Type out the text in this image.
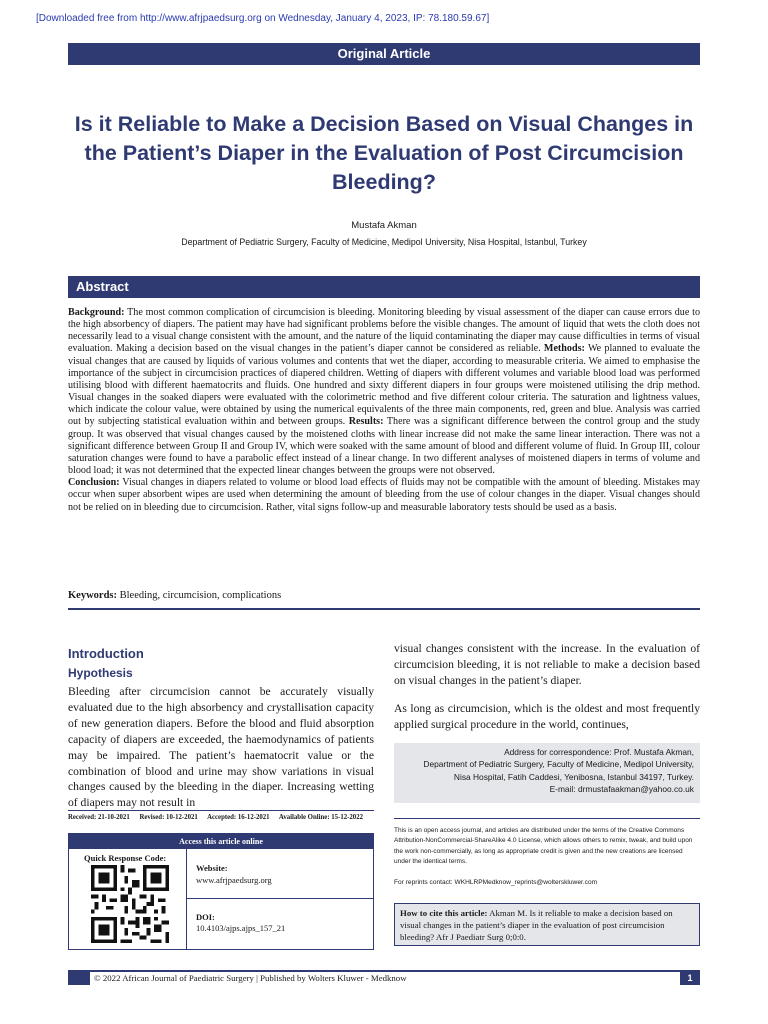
[Downloaded free from http://www.afrjpaedsurg.org on Wednesday, January 4, 2023, IP: 78.180.59.67]
Original Article
Is it Reliable to Make a Decision Based on Visual Changes in the Patient’s Diaper in the Evaluation of Post Circumcision Bleeding?
Mustafa Akman
Department of Pediatric Surgery, Faculty of Medicine, Medipol University, Nisa Hospital, Istanbul, Turkey
Abstract
Background: The most common complication of circumcision is bleeding. Monitoring bleeding by visual assessment of the diaper can cause errors due to the high absorbency of diapers. The patient may have had significant problems before the visible changes. The amount of liquid that wets the cloth does not necessarily lead to a visual change consistent with the amount, and the nature of the liquid contaminating the diaper may cause difficulties in terms of visual evaluation. Making a decision based on the visual changes in the patient’s diaper cannot be considered as reliable. Methods: We planned to evaluate the visual changes that are caused by liquids of various volumes and contents that wet the diaper, according to measurable criteria. We aimed to emphasise the importance of the subject in circumcision practices of diapered children. Wetting of diapers with different volumes and variable blood load was performed utilising blood with different haematocrits and fluids. One hundred and sixty different diapers in four groups were moistened utilising the drip method. Visual changes in the soaked diapers were evaluated with the colorimetric method and five different colour criteria. The saturation and lightness values, which indicate the colour value, were obtained by using the numerical equivalents of the three main components, red, green and blue. Analysis was carried out by subjecting statistical evaluation within and between groups. Results: There was a significant difference between the control group and the study group. It was observed that visual changes caused by the moistened cloths with linear increase did not make the same linear interaction. There was not a significant difference between Group II and Group IV, which were soaked with the same amount of blood and different volume of fluid. In Group III, colour saturation changes were found to have a parabolic effect instead of a linear change. In two different analyses of moistened diapers in terms of volume and blood load; it was not determined that the expected linear changes between the groups were not observed.
Conclusion: Visual changes in diapers related to volume or blood load effects of fluids may not be compatible with the amount of bleeding. Mistakes may occur when super absorbent wipes are used when determining the amount of bleeding from the use of colour changes in the diaper. Visual changes should not be relied on in bleeding due to circumcision. Rather, vital signs follow-up and measurable laboratory tests should be used as a basis.
Keywords: Bleeding, circumcision, complications
Introduction
Hypothesis
Bleeding after circumcision cannot be accurately visually evaluated due to the high absorbency and crystallisation capacity of new generation diapers. Before the blood and fluid absorption capacity of diapers are exceeded, the haemodynamics of patients may be impaired. The patient’s haematocrit value or the combination of blood and urine may show variations in visual changes caused by the bleeding in the diaper. Increasing wetting of diapers may not result in
visual changes consistent with the increase. In the evaluation of circumcision bleeding, it is not reliable to make a decision based on visual changes in the patient’s diaper.
As long as circumcision, which is the oldest and most frequently applied surgical procedure in the world, continues,
Address for correspondence: Prof. Mustafa Akman,
Department of Pediatric Surgery, Faculty of Medicine, Medipol University,
Nisa Hospital, Fatih Caddesi, Yenibosna, Istanbul 34197, Turkey.
E-mail: drmustafaakman@yahoo.co.uk
Received: 21-10-2021 Revised: 10-12-2021 Accepted: 16-12-2021 Available Online: 15-12-2022
This is an open access journal, and articles are distributed under the terms of the Creative Commons Attribution-NonCommercial-ShareAlike 4.0 License, which allows others to remix, tweak, and build upon the work non-commercially, as long as appropriate credit is given and the new creations are licensed under the identical terms.
For reprints contact: WKHLRPMedknow_reprints@wolterskluwer.com
Access this article online
Quick Response Code:
Website:
www.afrjpaedsurg.org
DOI:
10.4103/ajps.ajps_157_21
How to cite this article: Akman M. Is it reliable to make a decision based on visual changes in the patient’s diaper in the evaluation of post circumcision bleeding? Afr J Paediatr Surg 0;0:0.
© 2022 African Journal of Paediatric Surgery | Published by Wolters Kluwer - Medknow	1
